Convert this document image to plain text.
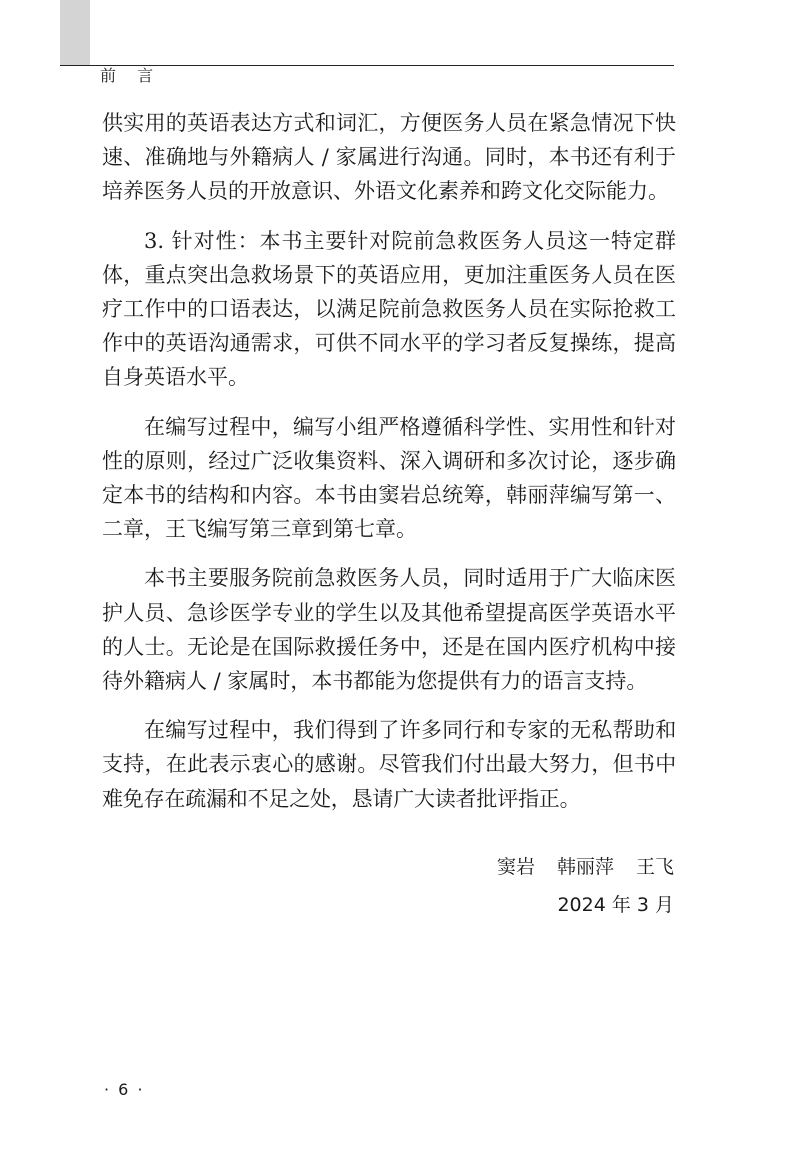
前 言

供实用的英语表达方式和词汇，方便医务人员在紧急情况下快速、准确地与外籍病人 / 家属进行沟通。同时，本书还有利于培养医务人员的开放意识、外语文化素养和跨文化交际能力。

3. 针对性：本书主要针对院前急救医务人员这一特定群体，重点突出急救场景下的英语应用，更加注重医务人员在医疗工作中的口语表达，以满足院前急救医务人员在实际抢救工作中的英语沟通需求，可供不同水平的学习者反复操练，提高自身英语水平。

在编写过程中，编写小组严格遵循科学性、实用性和针对性的原则，经过广泛收集资料、深入调研和多次讨论，逐步确定本书的结构和内容。本书由窦岩总统筹，韩丽萍编写第一、二章，王飞编写第三章到第七章。

本书主要服务院前急救医务人员，同时适用于广大临床医护人员、急诊医学专业的学生以及其他希望提高医学英语水平的人士。无论是在国际救援任务中，还是在国内医疗机构中接待外籍病人 / 家属时，本书都能为您提供有力的语言支持。

在编写过程中，我们得到了许多同行和专家的无私帮助和支持，在此表示衷心的感谢。尽管我们付出最大努力，但书中难免存在疏漏和不足之处，恳请广大读者批评指正。

窦岩 韩丽萍 王飞
2024 年 3 月
· 6 ·
